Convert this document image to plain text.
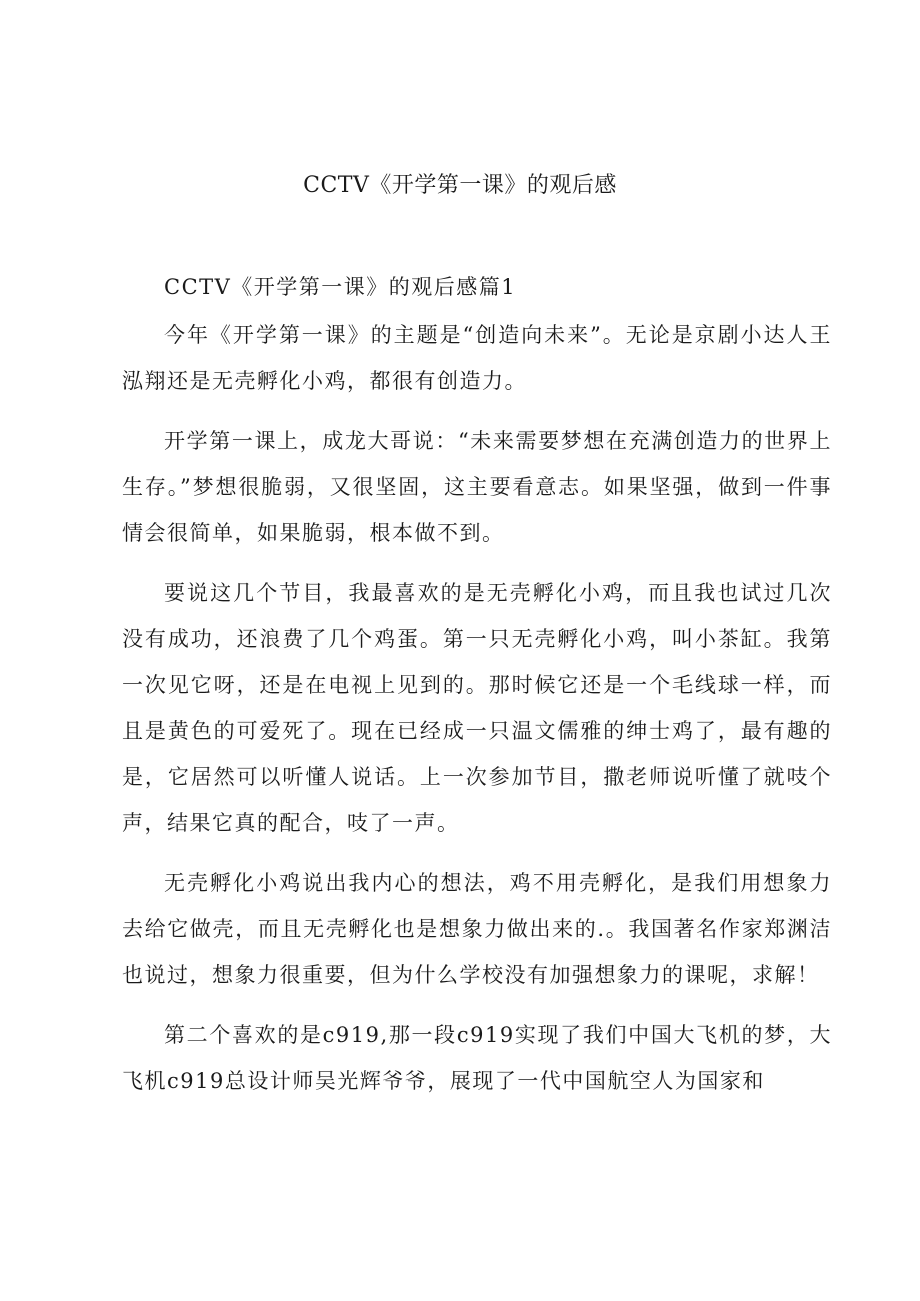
CCTV《开学第一课》的观后感

CCTV《开学第一课》的观后感篇1

今年《开学第一课》的主题是“创造向未来”。无论是京剧小达人王泓翔还是无壳孵化小鸡，都很有创造力。

开学第一课上，成龙大哥说：“未来需要梦想在充满创造力的世界上生存。”梦想很脆弱，又很坚固，这主要看意志。如果坚强，做到一件事情会很简单，如果脆弱，根本做不到。

要说这几个节目，我最喜欢的是无壳孵化小鸡，而且我也试过几次没有成功，还浪费了几个鸡蛋。第一只无壳孵化小鸡，叫小茶缸。我第一次见它呀，还是在电视上见到的。那时候它还是一个毛线球一样，而且是黄色的可爱死了。现在已经成一只温文儒雅的绅士鸡了，最有趣的是，它居然可以听懂人说话。上一次参加节目，撒老师说听懂了就吱个声，结果它真的配合，吱了一声。

无壳孵化小鸡说出我内心的想法，鸡不用壳孵化，是我们用想象力去给它做壳，而且无壳孵化也是想象力做出来的.。我国著名作家郑渊洁也说过，想象力很重要，但为什么学校没有加强想象力的课呢，求解！

第二个喜欢的是c919,那一段c919实现了我们中国大飞机的梦，大飞机c919总设计师吴光辉爷爷，展现了一代中国航空人为国家和
